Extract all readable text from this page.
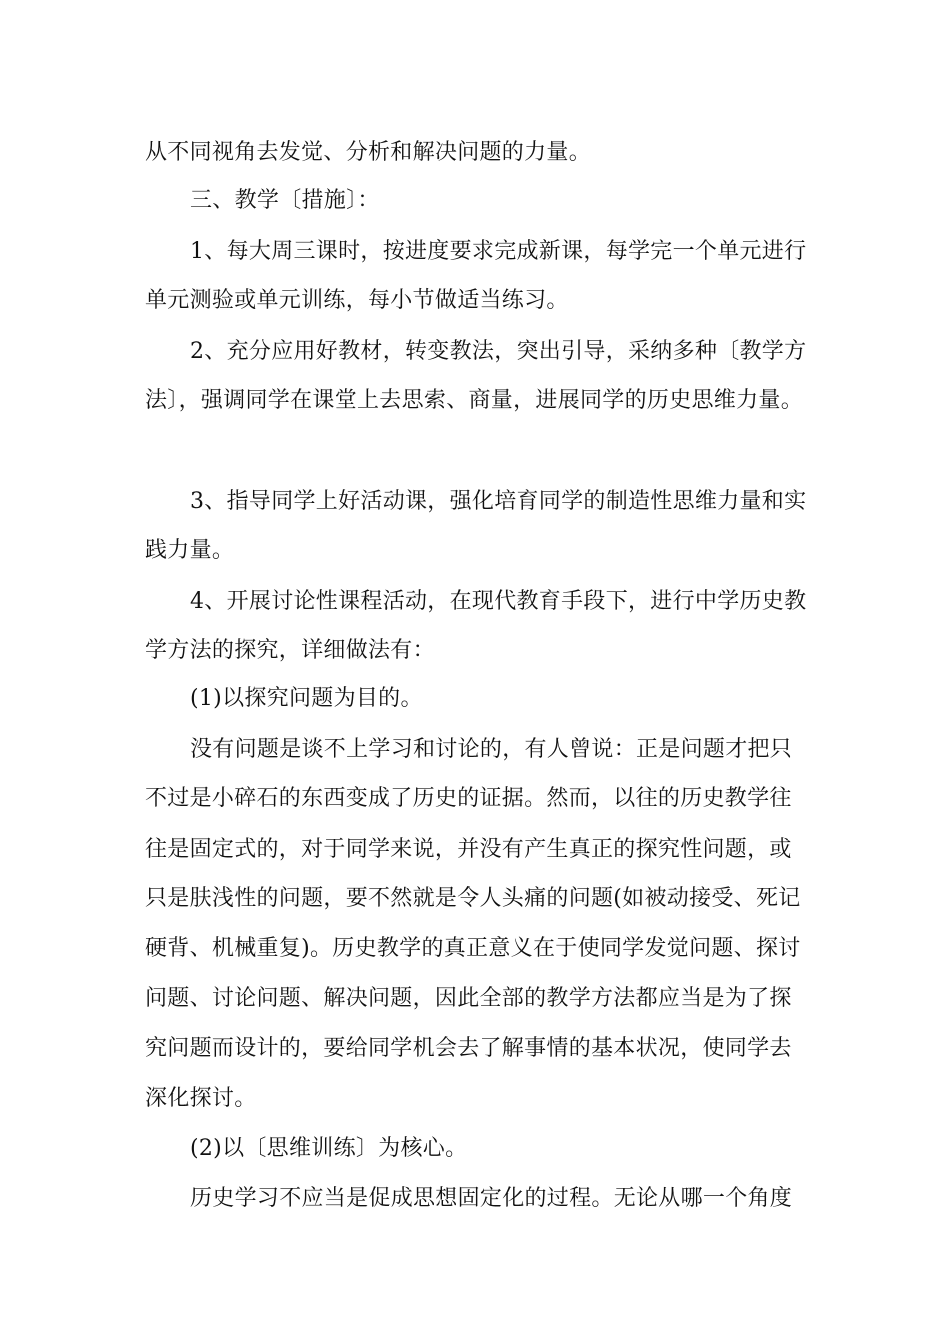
从不同视角去发觉、分析和解决问题的力量。
三、教学〔措施〕：
1、每大周三课时，按进度要求完成新课，每学完一个单元进行
单元测验或单元训练，每小节做适当练习。
2、充分应用好教材，转变教法，突出引导，采纳多种〔教学方
法〕，强调同学在课堂上去思索、商量，进展同学的历史思维力量。
3、指导同学上好活动课，强化培育同学的制造性思维力量和实
践力量。
4、开展讨论性课程活动，在现代教育手段下，进行中学历史教
学方法的探究，详细做法有：
(1)以探究问题为目的。
没有问题是谈不上学习和讨论的，有人曾说：正是问题才把只
不过是小碎石的东西变成了历史的证据。然而，以往的历史教学往
往是固定式的，对于同学来说，并没有产生真正的探究性问题，或
只是肤浅性的问题，要不然就是令人头痛的问题(如被动接受、死记
硬背、机械重复)。历史教学的真正意义在于使同学发觉问题、探讨
问题、讨论问题、解决问题，因此全部的教学方法都应当是为了探
究问题而设计的，要给同学机会去了解事情的基本状况，使同学去
深化探讨。
(2)以〔思维训练〕为核心。
历史学习不应当是促成思想固定化的过程。无论从哪一个角度
